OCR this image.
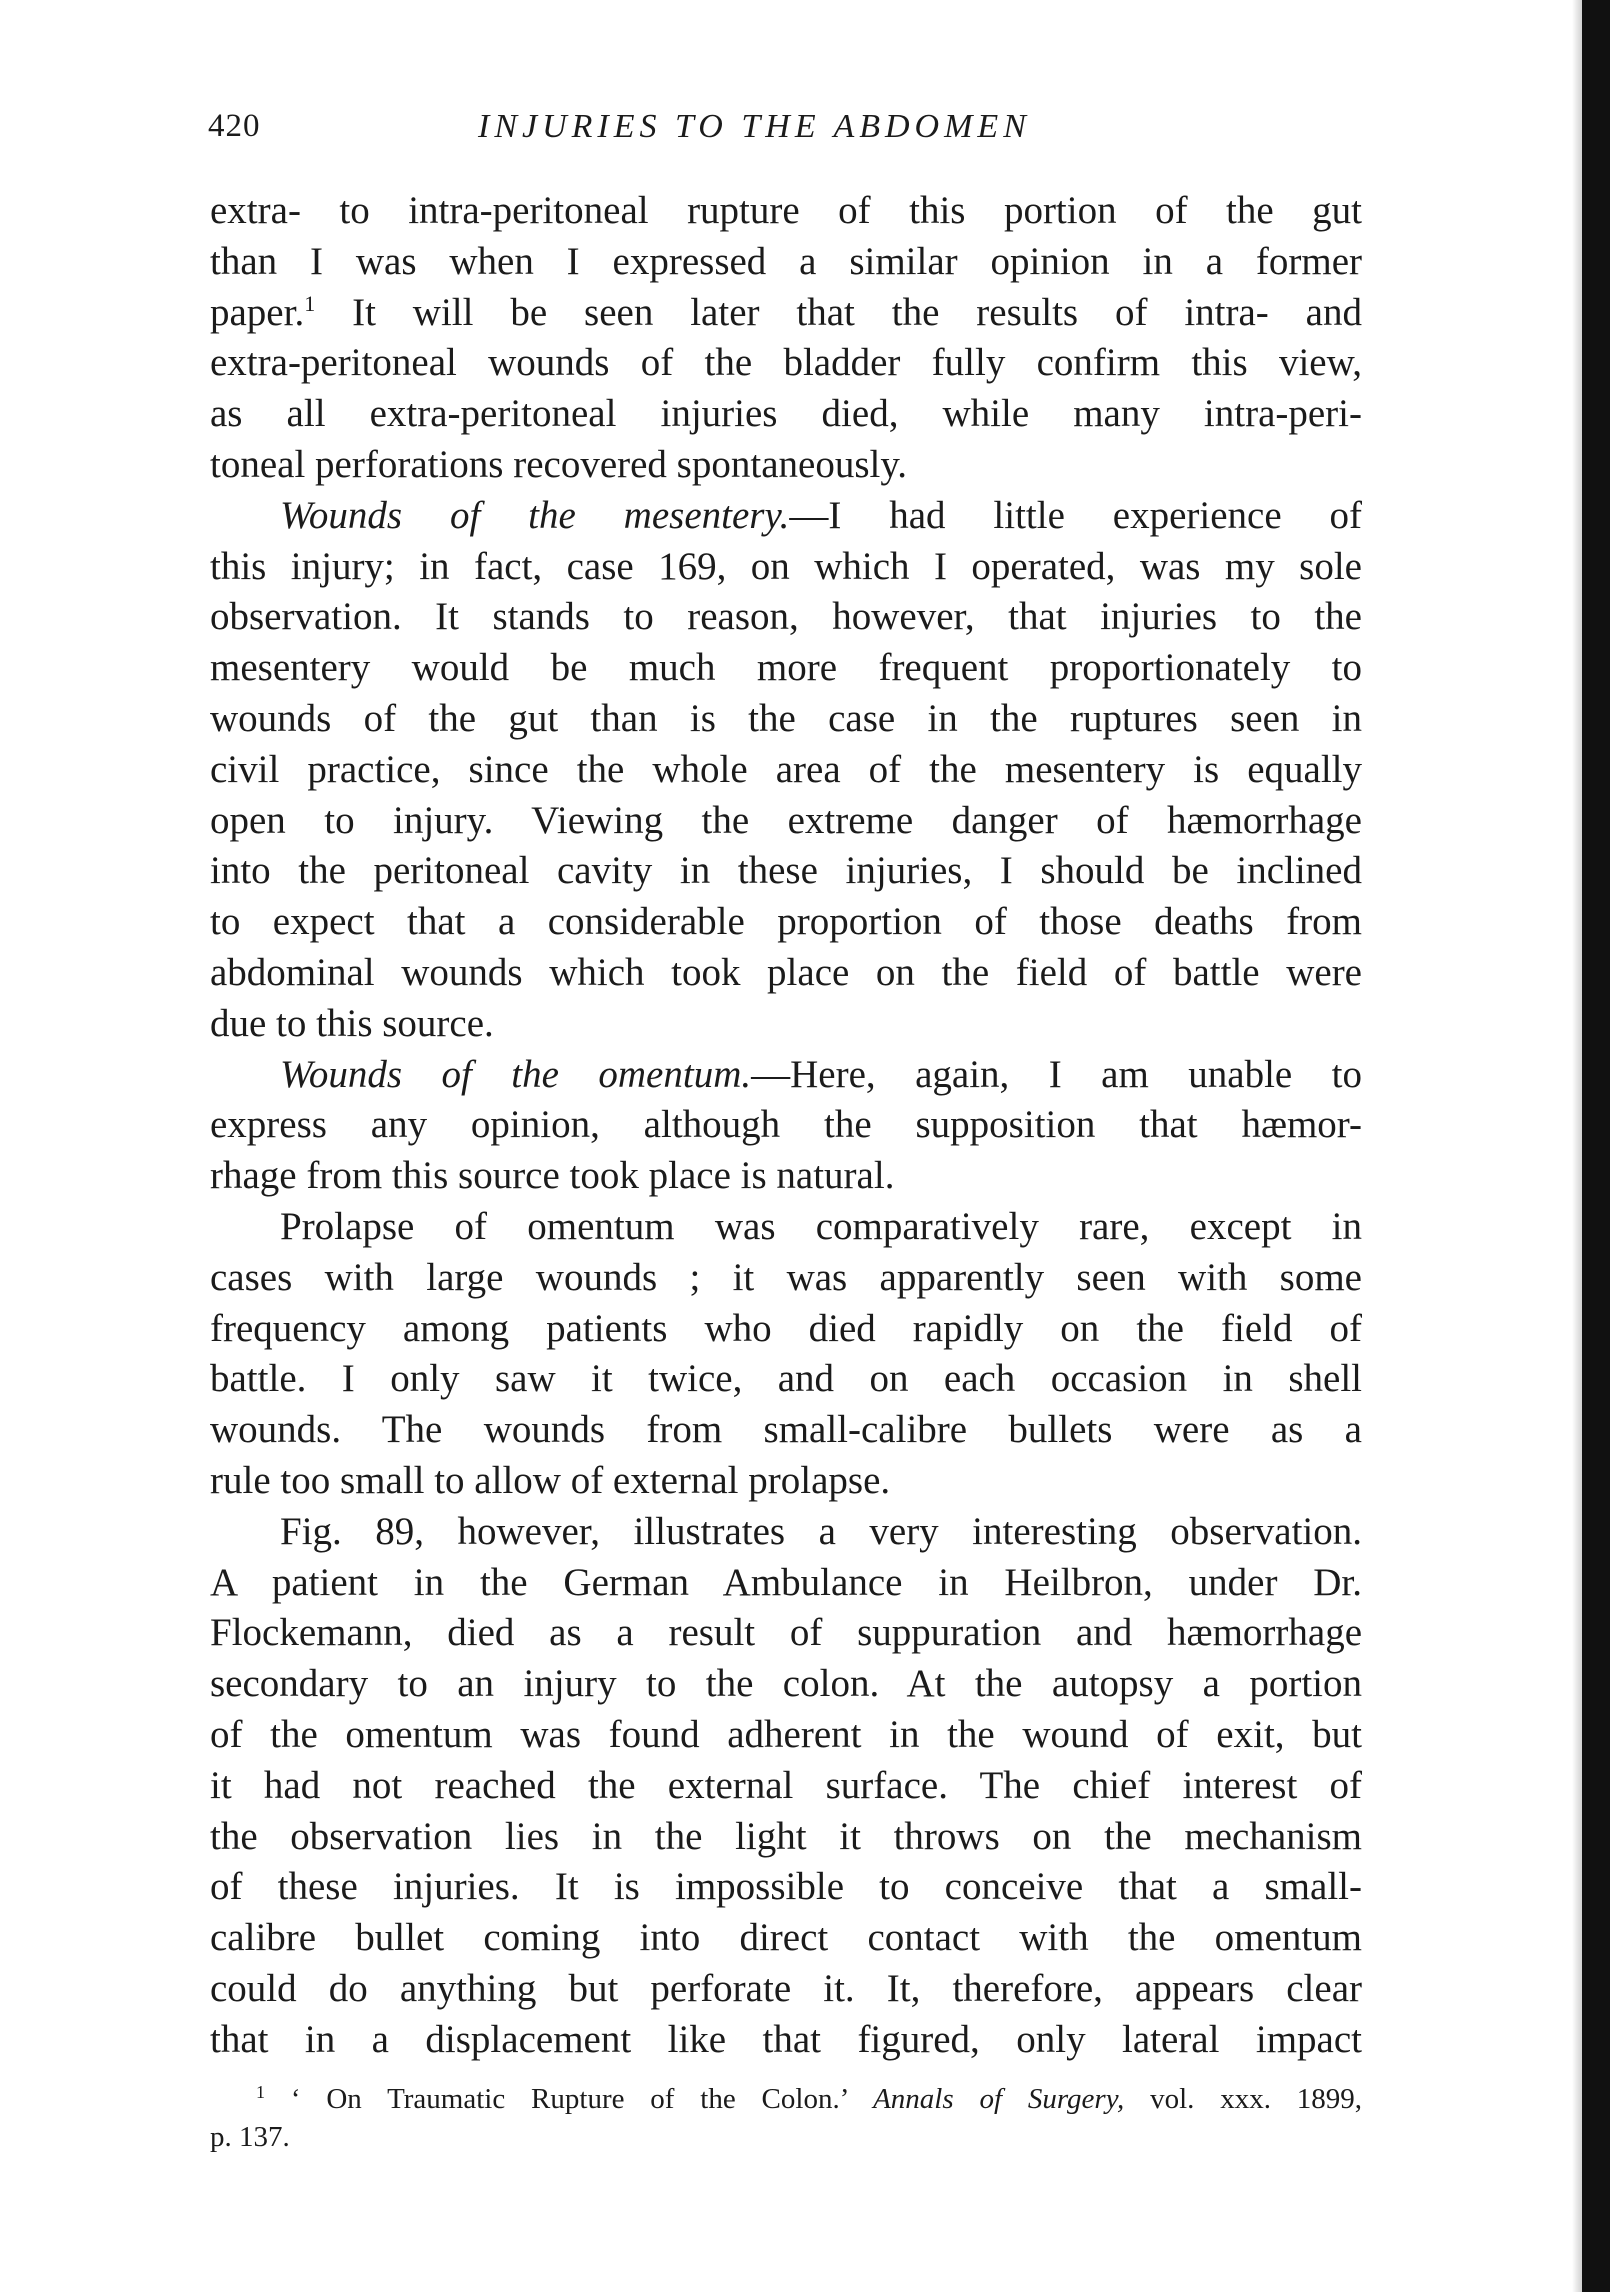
420	INJURIES TO THE ABDOMEN
extra- to intra-peritoneal rupture of this portion of the gut
than I was when I expressed a similar opinion in a former
paper.$^1$ It will be seen later that the results of intra- and
extra-peritoneal wounds of the bladder fully confirm this view,
as all extra-peritoneal injuries died, while many intra-peri-
toneal perforations recovered spontaneously.
Wounds of the mesentery.—I had little experience of
this injury; in fact, case 169, on which I operated, was my sole
observation. It stands to reason, however, that injuries to the
mesentery would be much more frequent proportionately to
wounds of the gut than is the case in the ruptures seen in
civil practice, since the whole area of the mesentery is equally
open to injury. Viewing the extreme danger of hæmorrhage
into the peritoneal cavity in these injuries, I should be inclined
to expect that a considerable proportion of those deaths from
abdominal wounds which took place on the field of battle were
due to this source.
Wounds of the omentum.—Here, again, I am unable to
express any opinion, although the supposition that hæmor-
rhage from this source took place is natural.
Prolapse of omentum was comparatively rare, except in
cases with large wounds ; it was apparently seen with some
frequency among patients who died rapidly on the field of
battle. I only saw it twice, and on each occasion in shell
wounds. The wounds from small-calibre bullets were as a
rule too small to allow of external prolapse.
Fig. 89, however, illustrates a very interesting observation.
A patient in the German Ambulance in Heilbron, under Dr.
Flockemann, died as a result of suppuration and hæmorrhage
secondary to an injury to the colon. At the autopsy a portion
of the omentum was found adherent in the wound of exit, but
it had not reached the external surface. The chief interest of
the observation lies in the light it throws on the mechanism
of these injuries. It is impossible to conceive that a small-
calibre bullet coming into direct contact with the omentum
could do anything but perforate it. It, therefore, appears clear
that in a displacement like that figured, only lateral impact
$^1$ ‘ On Traumatic Rupture of the Colon.’ Annals of Surgery, vol. xxx. 1899,
p. 137.
